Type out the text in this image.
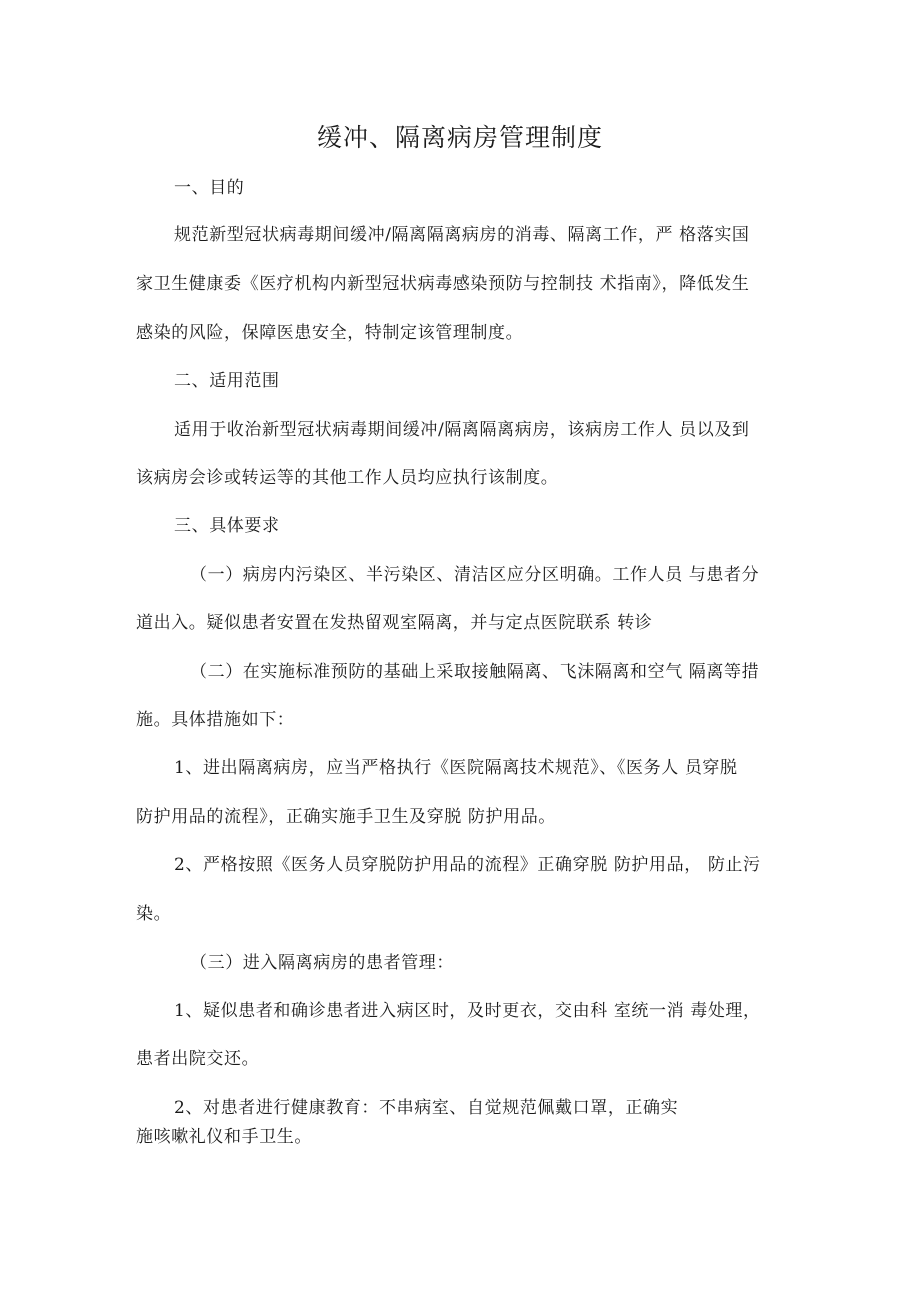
缓冲、隔离病房管理制度
一、目的
规范新型冠状病毒期间缓冲/隔离隔离病房的消毒、隔离工作，严 格落实国
家卫生健康委《医疗机构内新型冠状病毒感染预防与控制技 术指南》，降低发生
感染的风险，保障医患安全，特制定该管理制度。
二、适用范围
适用于收治新型冠状病毒期间缓冲/隔离隔离病房，该病房工作人 员以及到
该病房会诊或转运等的其他工作人员均应执行该制度。
三、具体要求
（一）病房内污染区、半污染区、清洁区应分区明确。工作人员 与患者分
道出入。疑似患者安置在发热留观室隔离，并与定点医院联系 转诊
（二）在实施标准预防的基础上采取接触隔离、飞沫隔离和空气 隔离等措
施。具体措施如下：
1、进出隔离病房，应当严格执行《医院隔离技术规范》、《医务人 员穿脱
防护用品的流程》，正确实施手卫生及穿脱 防护用品。
2、严格按照《医务人员穿脱防护用品的流程》正确穿脱 防护用品， 防止污
染。
（三）进入隔离病房的患者管理：
1、疑似患者和确诊患者进入病区时，及时更衣，交由科 室统一消 毒处理，
患者出院交还。
2、对患者进行健康教育：不串病室、自觉规范佩戴口罩，正确实
施咳嗽礼仪和手卫生。
